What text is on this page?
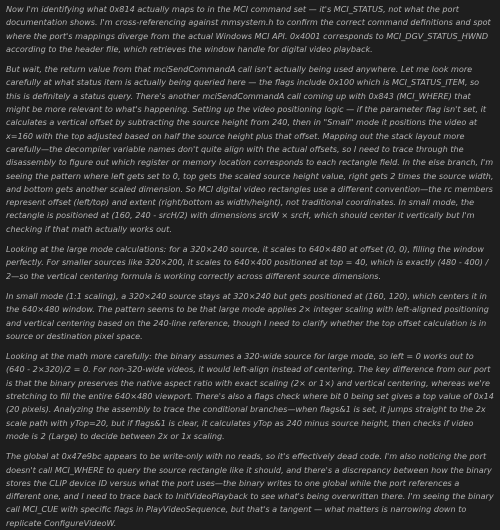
Now I'm identifying what 0x814 actually maps to in the MCI command set — it's MCI_STATUS, not what the port documentation shows. I'm cross-referencing against mmsystem.h to confirm the correct command definitions and spot where the port's mappings diverge from the actual Windows MCI API. 0x4001 corresponds to MCI_DGV_STATUS_HWND according to the header file, which retrieves the window handle for digital video playback.

But wait, the return value from that mciSendCommandA call isn't actually being used anywhere. Let me look more carefully at what status item is actually being queried here — the flags include 0x100 which is MCI_STATUS_ITEM, so this is definitely a status query. There's another mciSendCommandA call coming up with 0x843 (MCI_WHERE) that might be more relevant to what's happening. Setting up the video positioning logic — if the parameter flag isn't set, it calculates a vertical offset by subtracting the source height from 240, then in "Small" mode it positions the video at x=160 with the top adjusted based on half the source height plus that offset. Mapping out the stack layout more carefully—the decompiler variable names don't quite align with the actual offsets, so I need to trace through the disassembly to figure out which register or memory location corresponds to each rectangle field. In the else branch, I'm seeing the pattern where left gets set to 0, top gets the scaled source height value, right gets 2 times the source width, and bottom gets another scaled dimension. So MCI digital video rectangles use a different convention—the rc members represent offset (left/top) and extent (right/bottom as width/height), not traditional coordinates. In small mode, the rectangle is positioned at (160, 240 - srcH/2) with dimensions srcW × srcH, which should center it vertically but I'm checking if that math actually works out.

Looking at the large mode calculations: for a 320×240 source, it scales to 640×480 at offset (0, 0), filling the window perfectly. For smaller sources like 320×200, it scales to 640×400 positioned at top = 40, which is exactly (480 - 400) / 2—so the vertical centering formula is working correctly across different source dimensions.

In small mode (1:1 scaling), a 320×240 source stays at 320×240 but gets positioned at (160, 120), which centers it in the 640×480 window. The pattern seems to be that large mode applies 2× integer scaling with left-aligned positioning and vertical centering based on the 240-line reference, though I need to clarify whether the top offset calculation is in source or destination pixel space.

Looking at the math more carefully: the binary assumes a 320-wide source for large mode, so left = 0 works out to (640 - 2×320)/2 = 0. For non-320-wide videos, it would left-align instead of centering. The key difference from our port is that the binary preserves the native aspect ratio with exact scaling (2× or 1×) and vertical centering, whereas we're stretching to fill the entire 640×480 viewport. There's also a flags check where bit 0 being set gives a top value of 0x14 (20 pixels). Analyzing the assembly to trace the conditional branches—when flags&1 is set, it jumps straight to the 2x scale path with yTop=20, but if flags&1 is clear, it calculates yTop as 240 minus source height, then checks if video mode is 2 (Large) to decide between 2x or 1x scaling.

The global at 0x47e9bc appears to be write-only with no reads, so it's effectively dead code. I'm also noticing the port doesn't call MCI_WHERE to query the source rectangle like it should, and there's a discrepancy between how the binary stores the CLIP device ID versus what the port uses—the binary writes to one global while the port references a different one, and I need to trace back to InitVideoPlayback to see what's being overwritten there. I'm seeing the binary call MCI_CUE with specific flags in PlayVideoSequence, but that's a tangent — what matters is narrowing down to replicate ConfigureVideoW.
